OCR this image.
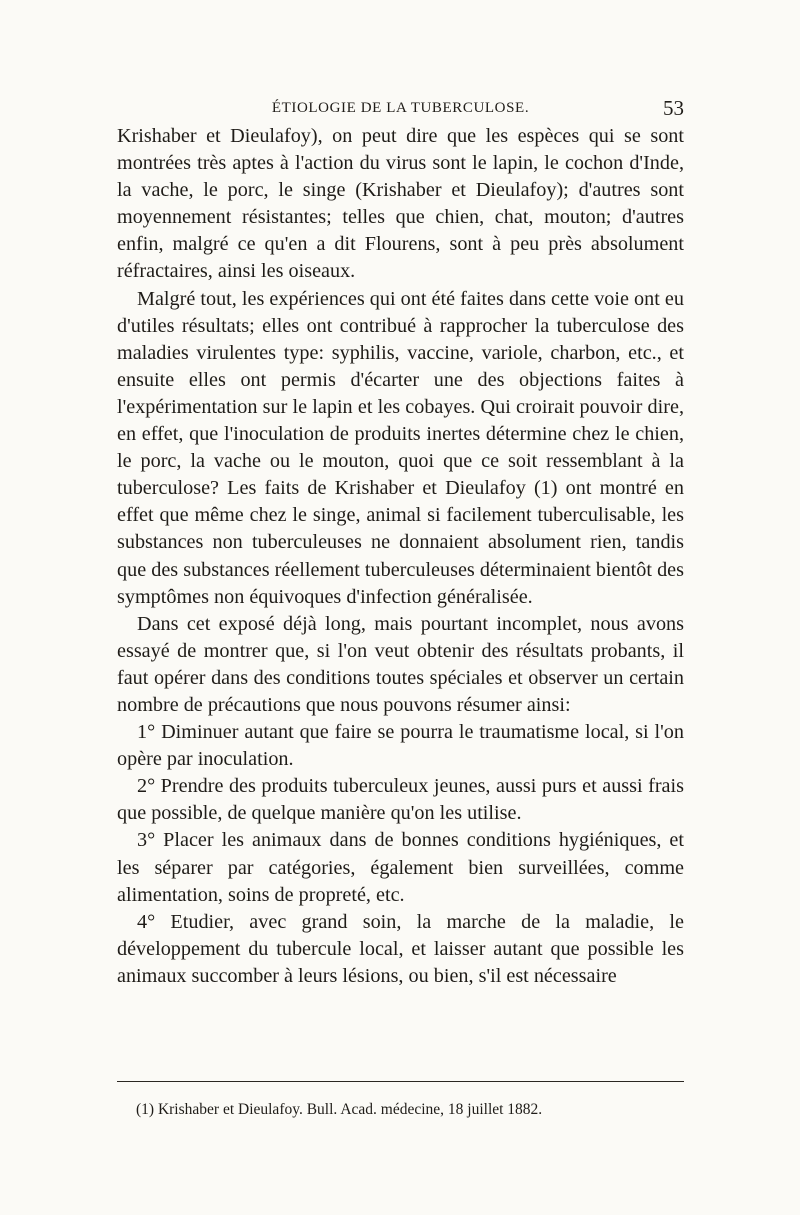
ÉTIOLOGIE DE LA TUBERCULOSE.	53

Krishaber et Dieulafoy), on peut dire que les espèces qui se sont montrées très aptes à l'action du virus sont le lapin, le cochon d'Inde, la vache, le porc, le singe (Krishaber et Dieulafoy); d'autres sont moyennement résistantes; telles que chien, chat, mouton; d'autres enfin, malgré ce qu'en a dit Flourens, sont à peu près absolument réfractaires, ainsi les oiseaux.

Malgré tout, les expériences qui ont été faites dans cette voie ont eu d'utiles résultats; elles ont contribué à rapprocher la tuberculose des maladies virulentes type: syphilis, vaccine, variole, charbon, etc., et ensuite elles ont permis d'écarter une des objections faites à l'expérimentation sur le lapin et les cobayes. Qui croirait pouvoir dire, en effet, que l'inoculation de produits inertes détermine chez le chien, le porc, la vache ou le mouton, quoi que ce soit ressemblant à la tuberculose? Les faits de Krishaber et Dieulafoy (1) ont montré en effet que même chez le singe, animal si facilement tuberculisable, les substances non tuberculeuses ne donnaient absolument rien, tandis que des substances réellement tuberculeuses déterminaient bientôt des symptômes non équivoques d'infection généralisée.

Dans cet exposé déjà long, mais pourtant incomplet, nous avons essayé de montrer que, si l'on veut obtenir des résultats probants, il faut opérer dans des conditions toutes spéciales et observer un certain nombre de précautions que nous pouvons résumer ainsi:

1° Diminuer autant que faire se pourra le traumatisme local, si l'on opère par inoculation.

2° Prendre des produits tuberculeux jeunes, aussi purs et aussi frais que possible, de quelque manière qu'on les utilise.

3° Placer les animaux dans de bonnes conditions hygiéniques, et les séparer par catégories, également bien surveillées, comme alimentation, soins de propreté, etc.

4° Etudier, avec grand soin, la marche de la maladie, le développement du tubercule local, et laisser autant que possible les animaux succomber à leurs lésions, ou bien, s'il est nécessaire

(1) Krishaber et Dieulafoy. Bull. Acad. médecine, 18 juillet 1882.
